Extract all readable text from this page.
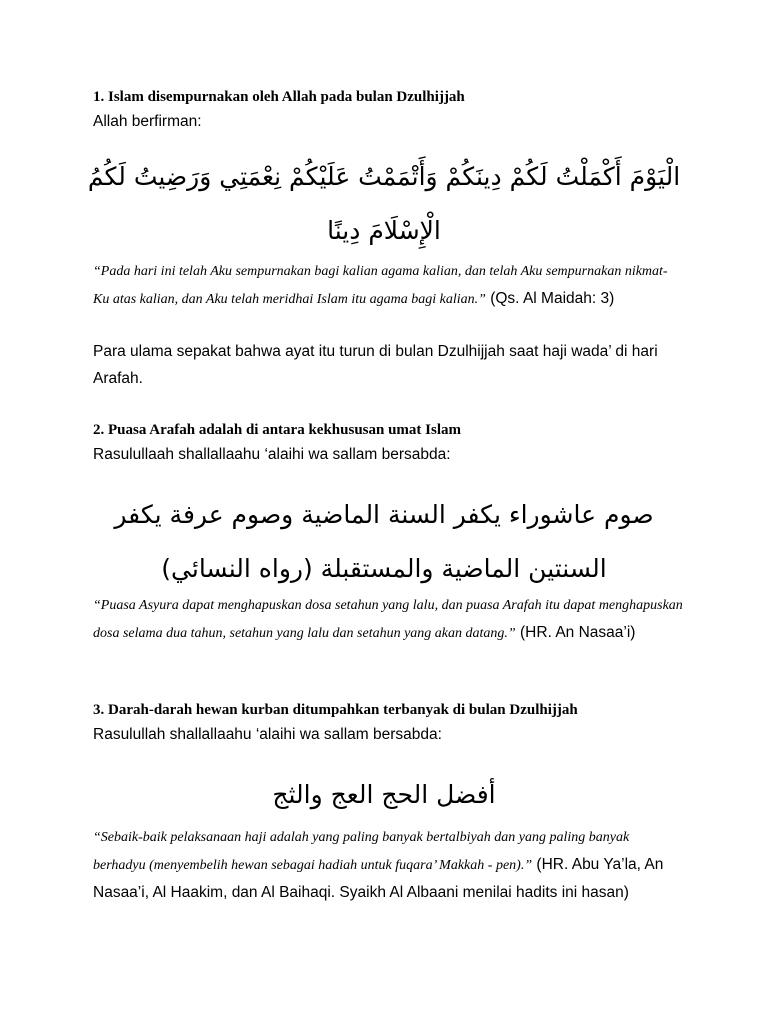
1. Islam disempurnakan oleh Allah pada bulan Dzulhijjah
Allah berfirman:
الْيَوْمَ أَكْمَلْتُ لَكُمْ دِينَكُمْ وَأَتْمَمْتُ عَلَيْكُمْ نِعْمَتِي وَرَضِيتُ لَكُمُ الْإِسْلَامَ دِينًا
“Pada hari ini telah Aku sempurnakan bagi kalian agama kalian, dan telah Aku sempurnakan nikmat-Ku atas kalian, dan Aku telah meridhai Islam itu agama bagi kalian.” (Qs. Al Maidah: 3)
Para ulama sepakat bahwa ayat itu turun di bulan Dzulhijjah saat haji wada’ di hari Arafah.
2. Puasa Arafah adalah di antara kekhususan umat Islam
Rasulullaah shallallaahu ‘alaihi wa sallam bersabda:
صوم عاشوراء يكفر السنة الماضية وصوم عرفة يكفر السنتين الماضية والمستقبلة (رواه النسائي)
“Puasa Asyura dapat menghapuskan dosa setahun yang lalu, dan puasa Arafah itu dapat menghapuskan dosa selama dua tahun, setahun yang lalu dan setahun yang akan datang.” (HR. An Nasaa’i)
3. Darah-darah hewan kurban ditumpahkan terbanyak di bulan Dzulhijjah
Rasulullah shallallaahu ‘alaihi wa sallam bersabda:
أفضل الحج العج والثج
“Sebaik-baik pelaksanaan haji adalah yang paling banyak bertalbiyah dan yang paling banyak berhadyu (menyembelih hewan sebagai hadiah untuk fuqara’ Makkah - pen).” (HR. Abu Ya’la, An Nasaa’i, Al Haakim, dan Al Baihaqi. Syaikh Al Albaani menilai hadits ini hasan)
